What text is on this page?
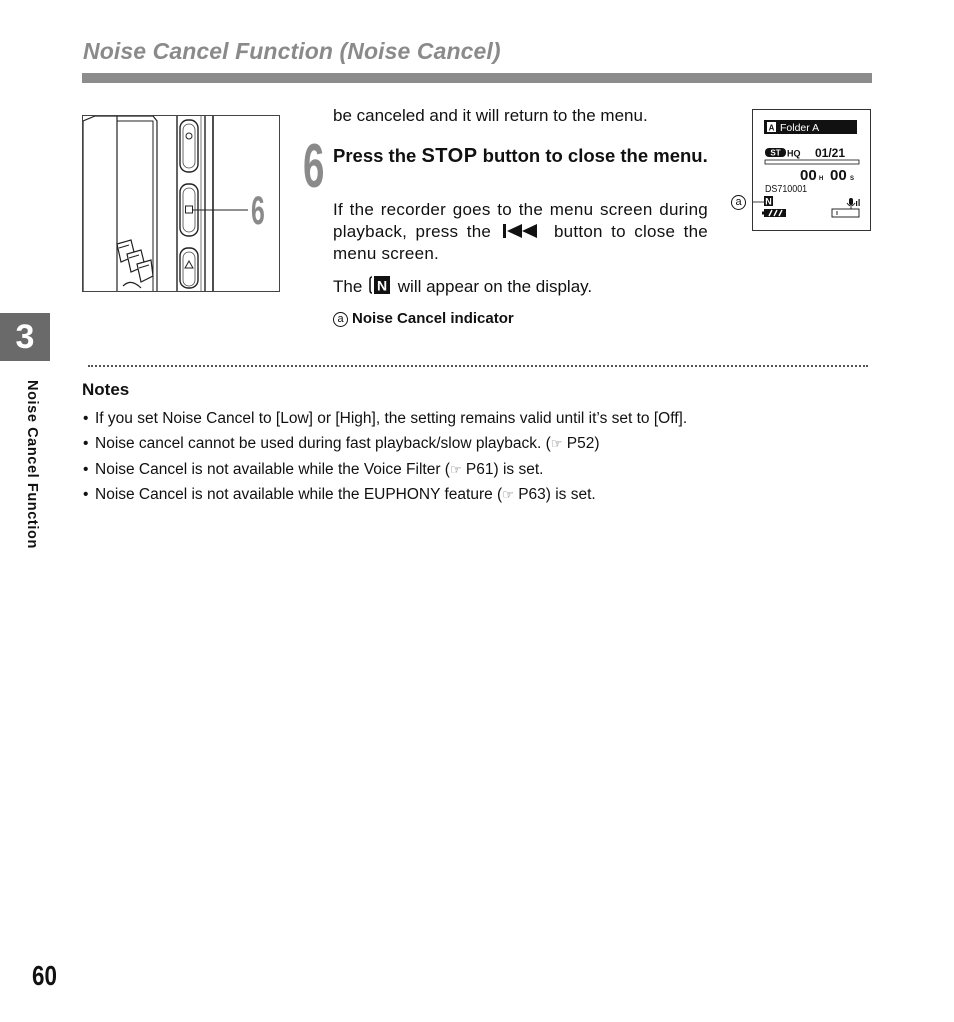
Noise Cancel Function (Noise Cancel)
6
be canceled and it will return to the menu.
6 Press the STOP button to close the menu.
If the recorder goes to the menu screen during playback, press the	button to close the menu screen.
The N will appear on the display.
a Noise Cancel indicator
A Folder A
ST HQ 01/21
00 H 00 S
DS710001
N
a
Notes
• If you set Noise Cancel to [Low] or [High], the setting remains valid until it’s set to [Off].
• Noise cancel cannot be used during fast playback/slow playback. (☞ P52)
• Noise Cancel is not available while the Voice Filter (☞ P61) is set.
• Noise Cancel is not available while the EUPHONY feature (☞ P63) is set.
3
Noise Cancel Function
60
